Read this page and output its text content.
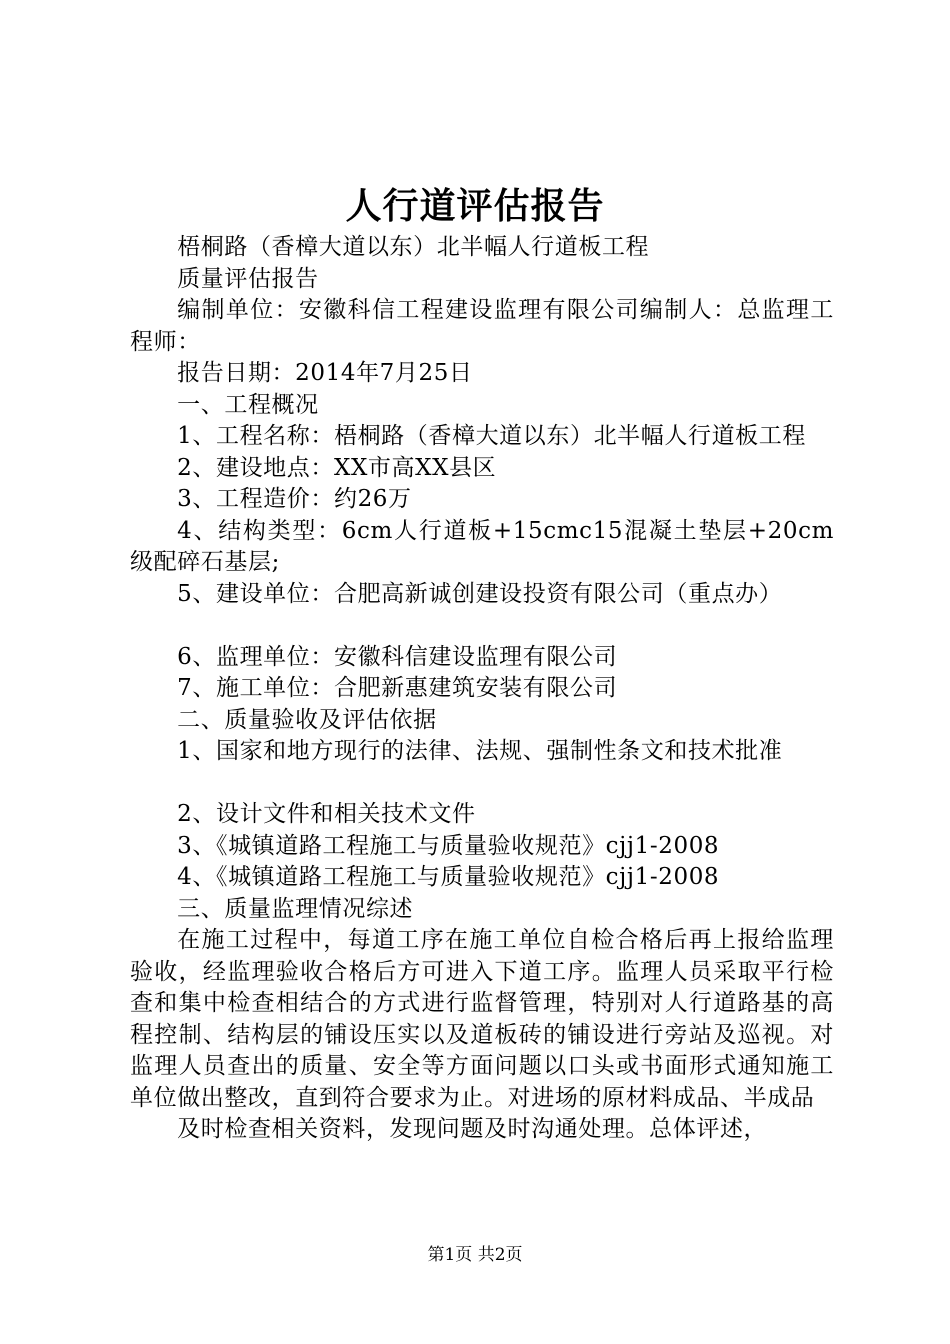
人行道评估报告

梧桐路（香樟大道以东）北半幅人行道板工程

质量评估报告

编制单位：安徽科信工程建设监理有限公司编制人：总监理工程师：

报告日期：2014年7月25日

一、工程概况

1、工程名称：梧桐路（香樟大道以东）北半幅人行道板工程

2、建设地点：XX市高XX县区

3、工程造价：约26万

4、结构类型：6cm人行道板+15cmc15混凝土垫层+20cm级配碎石基层;

5、建设单位：合肥高新诚创建设投资有限公司（重点办）

6、监理单位：安徽科信建设监理有限公司

7、施工单位：合肥新惠建筑安装有限公司

二、质量验收及评估依据

1、国家和地方现行的法律、法规、强制性条文和技术批准

2、设计文件和相关技术文件

3、《城镇道路工程施工与质量验收规范》cjj1-2008

4、《城镇道路工程施工与质量验收规范》cjj1-2008

三、质量监理情况综述

在施工过程中，每道工序在施工单位自检合格后再上报给监理验收，经监理验收合格后方可进入下道工序。监理人员采取平行检查和集中检查相结合的方式进行监督管理，特别对人行道路基的高程控制、结构层的铺设压实以及道板砖的铺设进行旁站及巡视。对监理人员查出的质量、安全等方面问题以口头或书面形式通知施工单位做出整改，直到符合要求为止。对进场的原材料成品、半成品

及时检查相关资料，发现问题及时沟通处理。总体评述，

第1页 共2页
